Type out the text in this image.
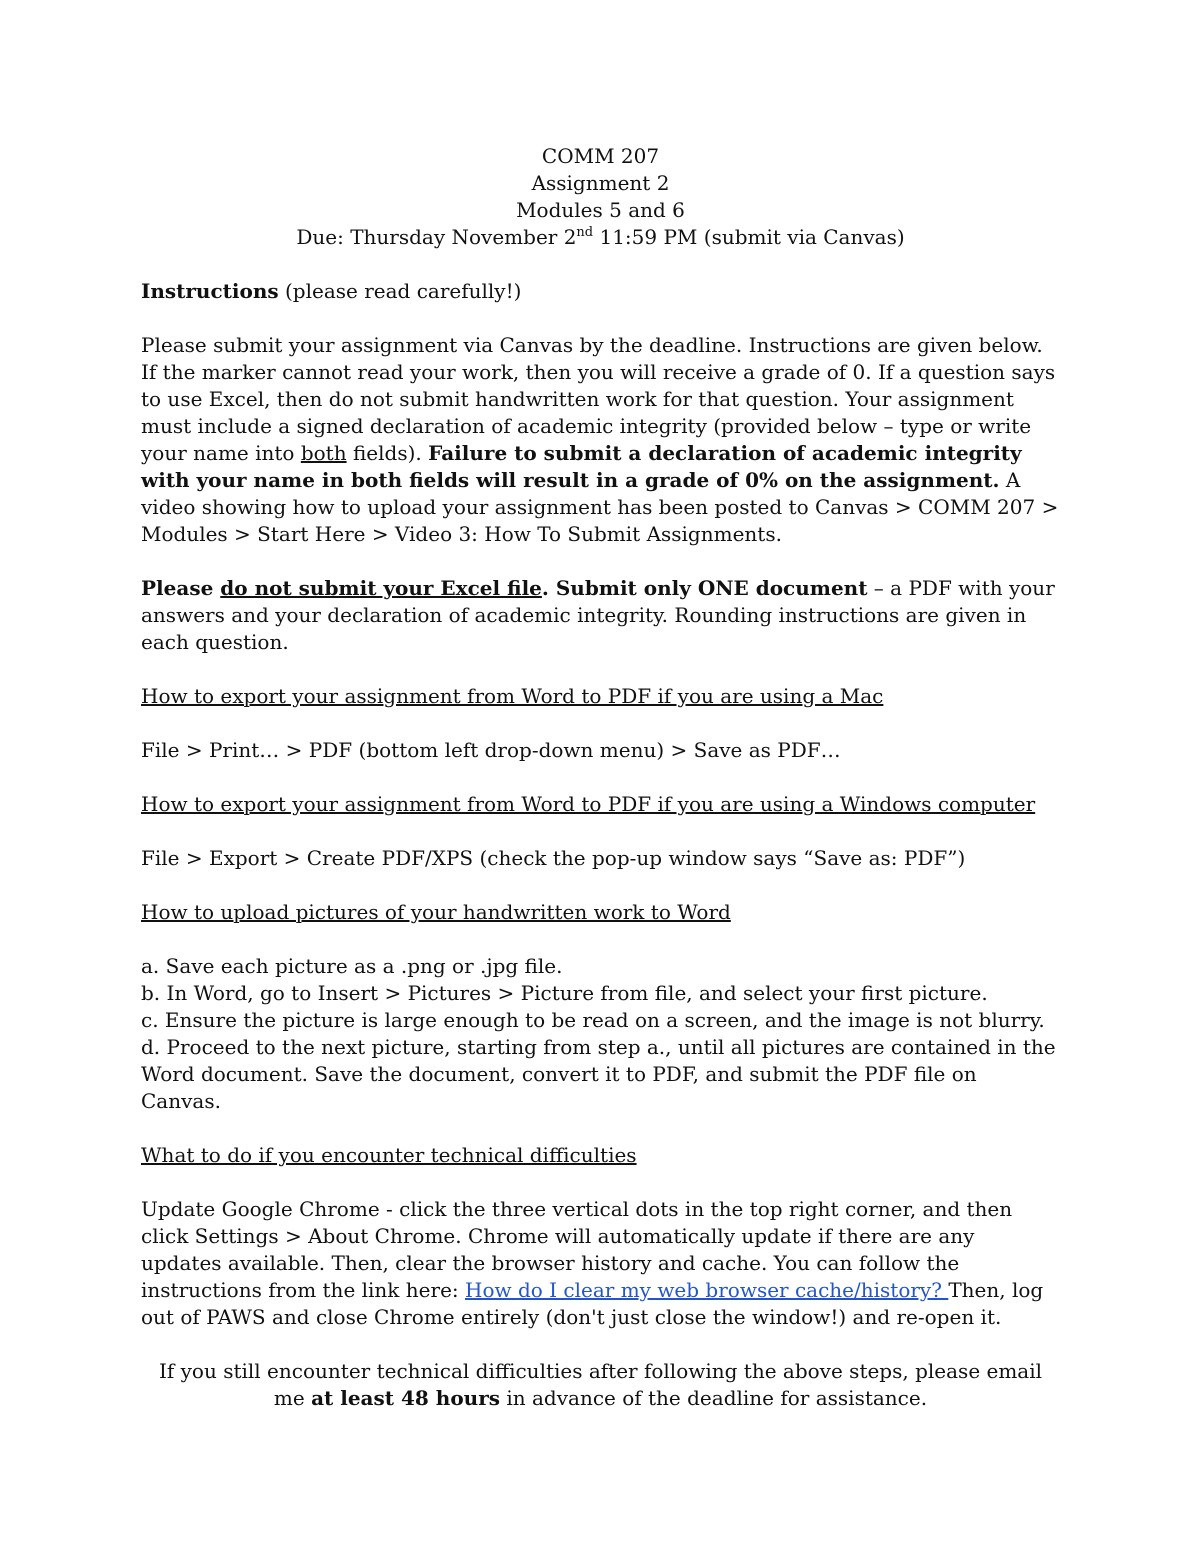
COMM 207

Assignment 2

Modules 5 and 6

Due: Thursday November 2nd 11:59 PM (submit via Canvas)

Instructions (please read carefully!)

Please submit your assignment via Canvas by the deadline. Instructions are given below. If the marker cannot read your work, then you will receive a grade of 0. If a question says to use Excel, then do not submit handwritten work for that question. Your assignment must include a signed declaration of academic integrity (provided below – type or write your name into both fields). Failure to submit a declaration of academic integrity with your name in both fields will result in a grade of 0% on the assignment. A video showing how to upload your assignment has been posted to Canvas > COMM 207 > Modules > Start Here > Video 3: How To Submit Assignments.

Please do not submit your Excel file. Submit only ONE document – a PDF with your answers and your declaration of academic integrity. Rounding instructions are given in each question.

How to export your assignment from Word to PDF if you are using a Mac

File > Print… > PDF (bottom left drop-down menu) > Save as PDF…

How to export your assignment from Word to PDF if you are using a Windows computer

File > Export > Create PDF/XPS (check the pop-up window says “Save as: PDF”)

How to upload pictures of your handwritten work to Word

a. Save each picture as a .png or .jpg file.

b. In Word, go to Insert > Pictures > Picture from file, and select your first picture.

c. Ensure the picture is large enough to be read on a screen, and the image is not blurry.

d. Proceed to the next picture, starting from step a., until all pictures are contained in the Word document. Save the document, convert it to PDF, and submit the PDF file on Canvas.

What to do if you encounter technical difficulties

Update Google Chrome - click the three vertical dots in the top right corner, and then click Settings > About Chrome. Chrome will automatically update if there are any updates available. Then, clear the browser history and cache. You can follow the instructions from the link here: How do I clear my web browser cache/history? Then, log out of PAWS and close Chrome entirely (don't just close the window!) and re-open it.

If you still encounter technical difficulties after following the above steps, please email me at least 48 hours in advance of the deadline for assistance.
